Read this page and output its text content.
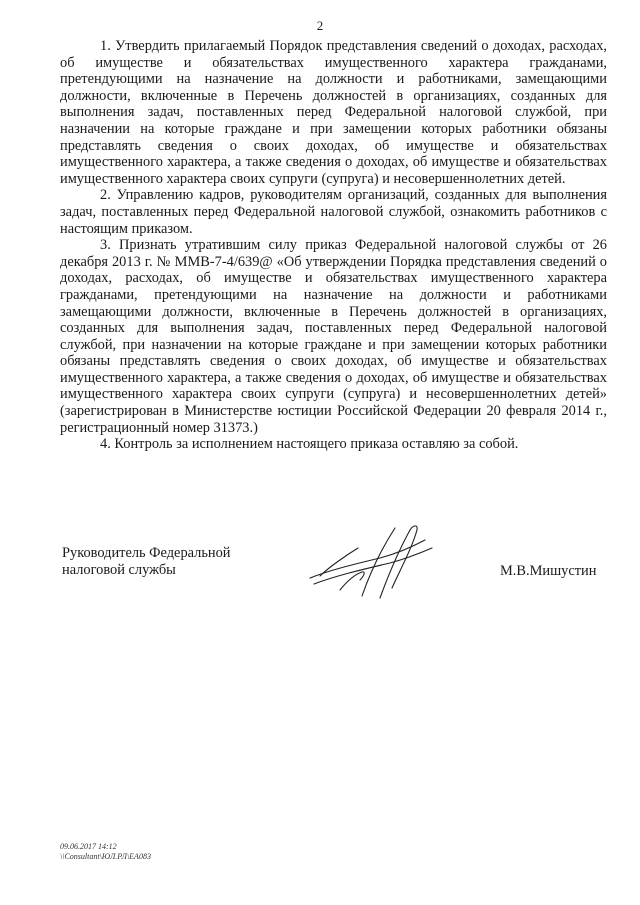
2

1. Утвердить прилагаемый Порядок представления сведений о доходах, расходах, об имуществе и обязательствах имущественного характера гражданами, претендующими на назначение на должности и работниками, замещающими должности, включенные в Перечень должностей в организациях, созданных для выполнения задач, поставленных перед Федеральной налоговой службой, при назначении на которые граждане и при замещении которых работники обязаны представлять сведения о своих доходах, об имуществе и обязательствах имущественного характера, а также сведения о доходах, об имуществе и обязательствах имущественного характера своих супруги (супруга) и несовершеннолетних детей.

2. Управлению кадров, руководителям организаций, созданных для выполнения задач, поставленных перед Федеральной налоговой службой, ознакомить работников с настоящим приказом.

3. Признать утратившим силу приказ Федеральной налоговой службы от 26 декабря 2013 г. № ММВ-7-4/639@ «Об утверждении Порядка представления сведений о доходах, расходах, об имуществе и обязательствах имущественного характера гражданами, претендующими на назначение на должности и работниками замещающими должности, включенные в Перечень должностей в организациях, созданных для выполнения задач, поставленных перед Федеральной налоговой службой, при назначении на которые граждане и при замещении которых работники обязаны представлять сведения о своих доходах, об имуществе и обязательствах имущественного характера, а также сведения о доходах, об имуществе и обязательствах имущественного характера своих супруги (супруга) и несовершеннолетних детей» (зарегистрирован в Министерстве юстиции Российской Федерации 20 февраля 2014 г., регистрационный номер 31373.)

4. Контроль за исполнением настоящего приказа оставляю за собой.

Руководитель Федеральной
налоговой службы	М.В.Мишустин
09.06.2017 14:12
\\Consultant\ЮЛ.РЛ\ЕА083
